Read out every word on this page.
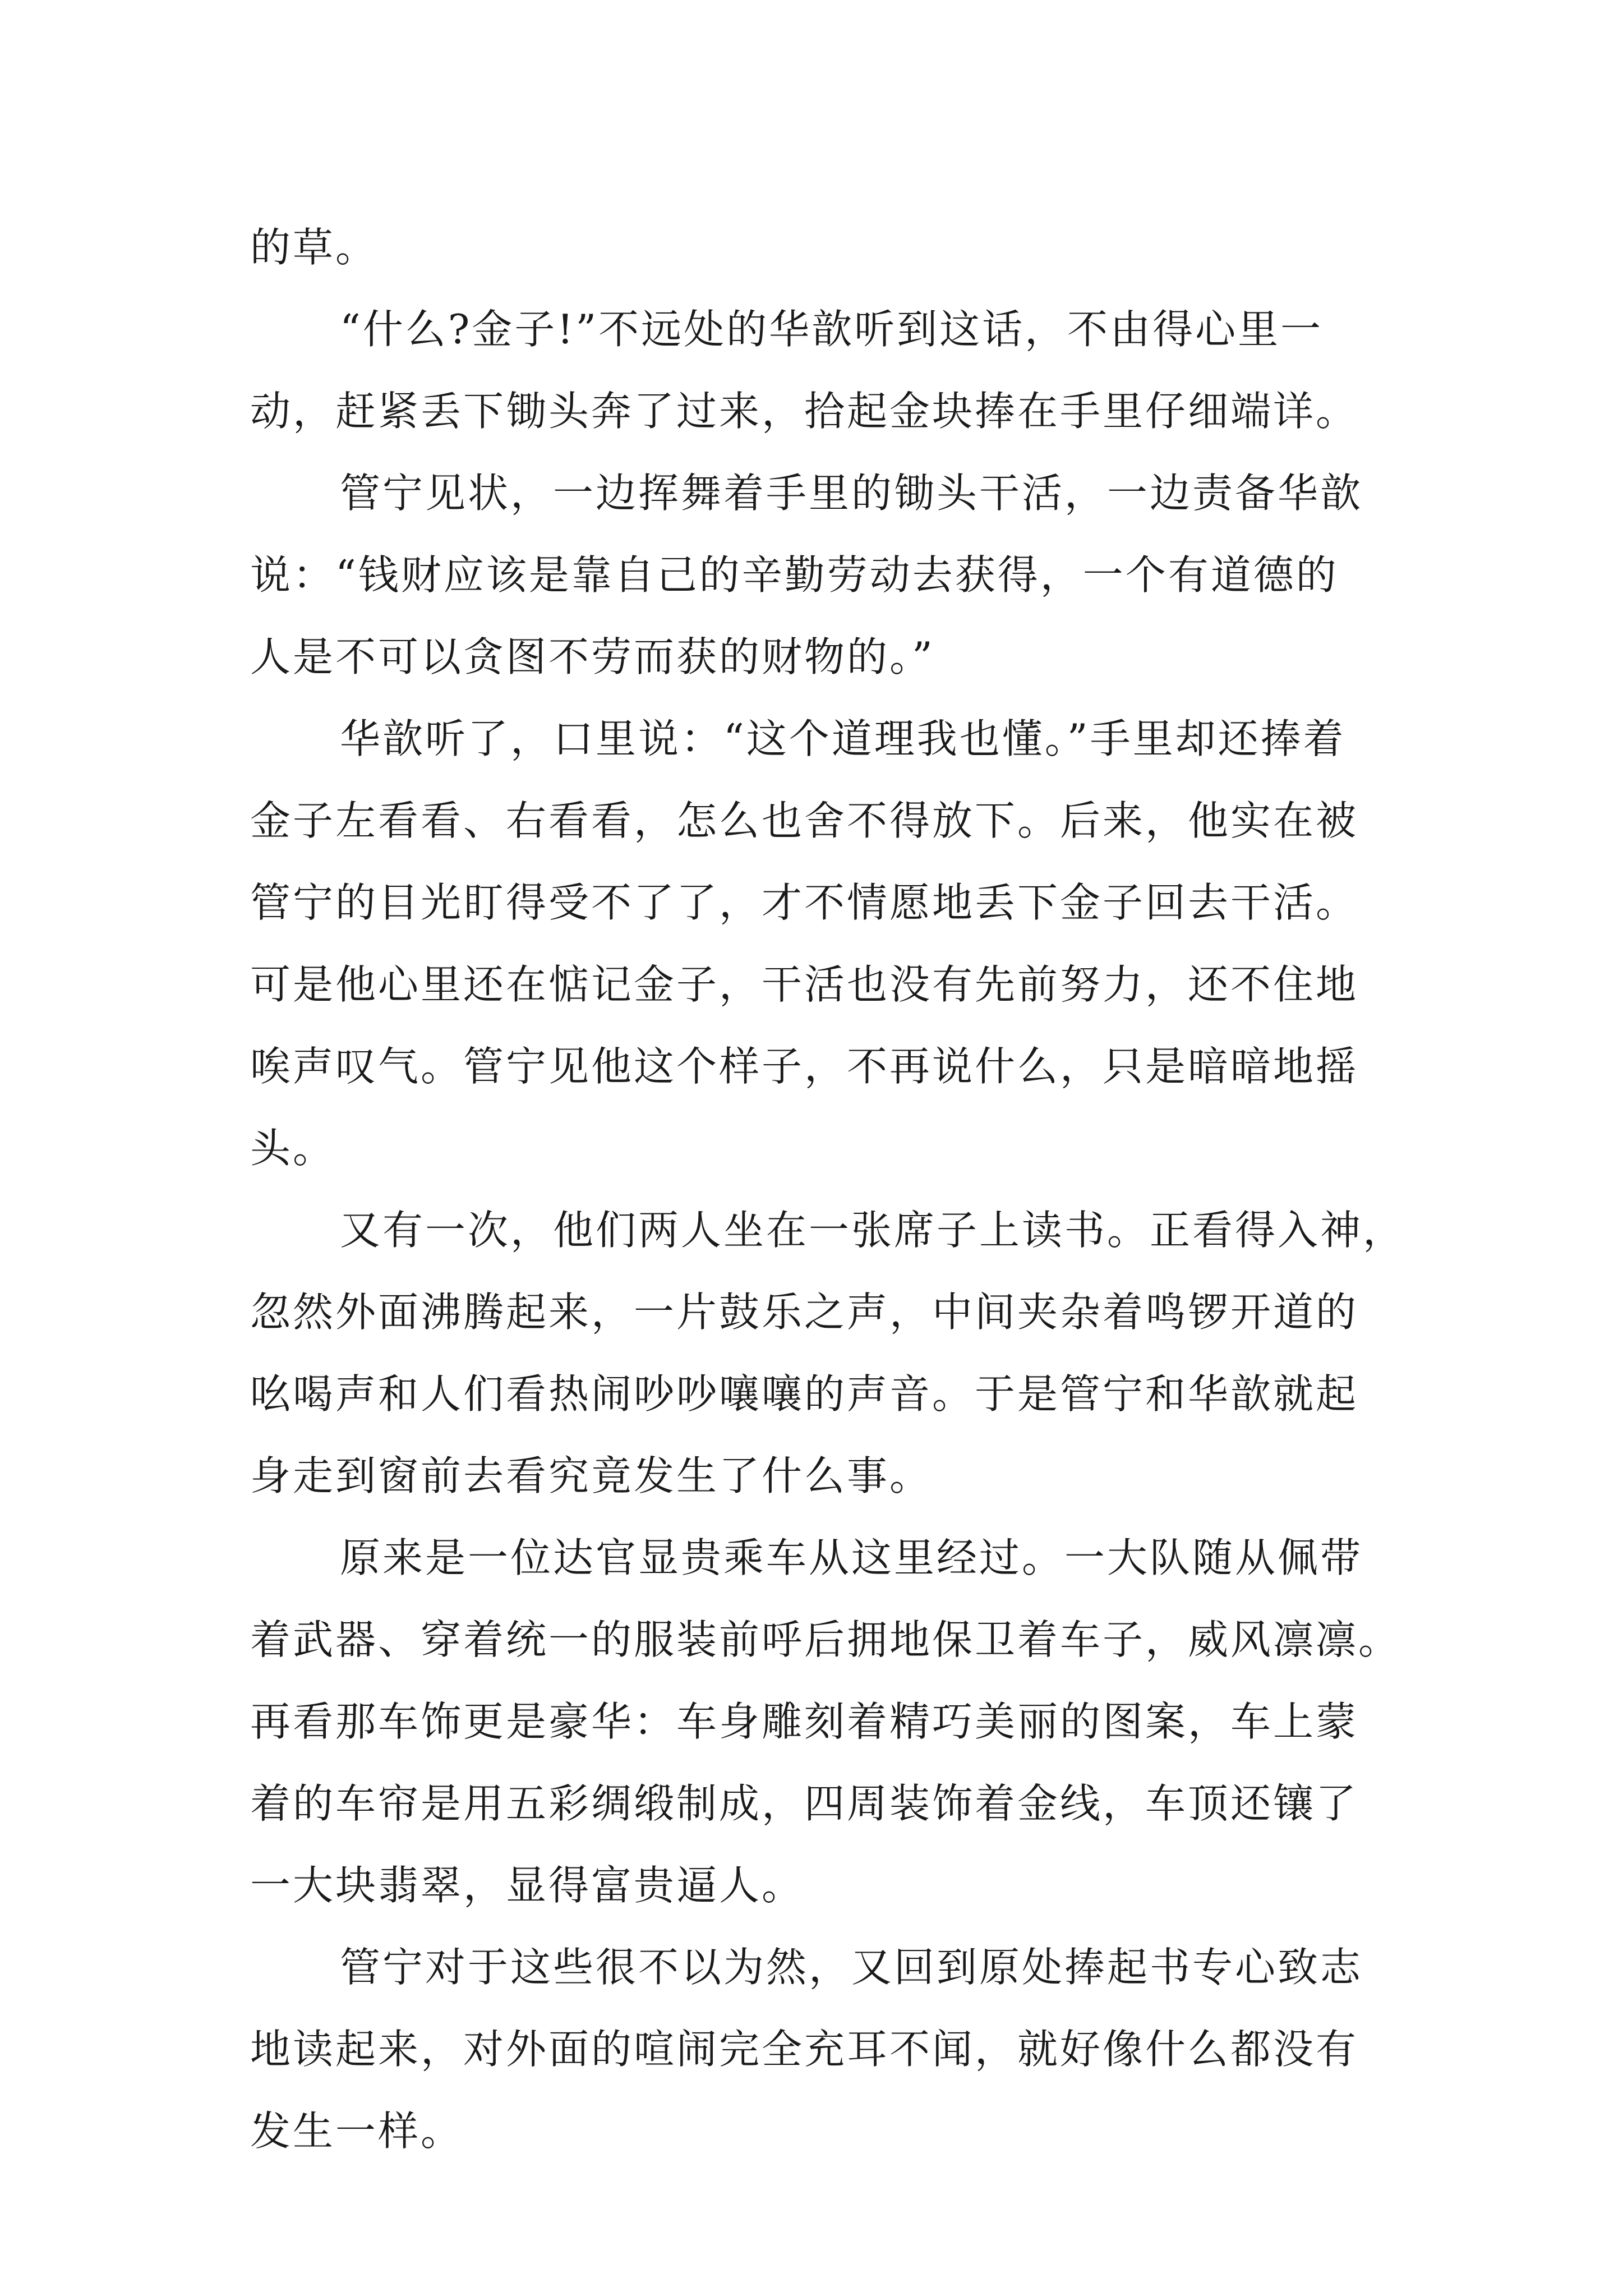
的草。
“什么?金子!”不远处的华歆听到这话，不由得心里一
动，赶紧丢下锄头奔了过来，拾起金块捧在手里仔细端详。
管宁见状，一边挥舞着手里的锄头干活，一边责备华歆
说：“钱财应该是靠自己的辛勤劳动去获得，一个有道德的
人是不可以贪图不劳而获的财物的。”
华歆听了，口里说：“这个道理我也懂。”手里却还捧着
金子左看看、右看看，怎么也舍不得放下。后来，他实在被
管宁的目光盯得受不了了，才不情愿地丢下金子回去干活。
可是他心里还在惦记金子，干活也没有先前努力，还不住地
唉声叹气。管宁见他这个样子，不再说什么，只是暗暗地摇
头。
又有一次，他们两人坐在一张席子上读书。正看得入神，
忽然外面沸腾起来，一片鼓乐之声，中间夹杂着鸣锣开道的
吆喝声和人们看热闹吵吵嚷嚷的声音。于是管宁和华歆就起
身走到窗前去看究竟发生了什么事。
原来是一位达官显贵乘车从这里经过。一大队随从佩带
着武器、穿着统一的服装前呼后拥地保卫着车子，威风凛凛。
再看那车饰更是豪华：车身雕刻着精巧美丽的图案，车上蒙
着的车帘是用五彩绸缎制成，四周装饰着金线，车顶还镶了
一大块翡翠，显得富贵逼人。
管宁对于这些很不以为然，又回到原处捧起书专心致志
地读起来，对外面的喧闹完全充耳不闻，就好像什么都没有
发生一样。
